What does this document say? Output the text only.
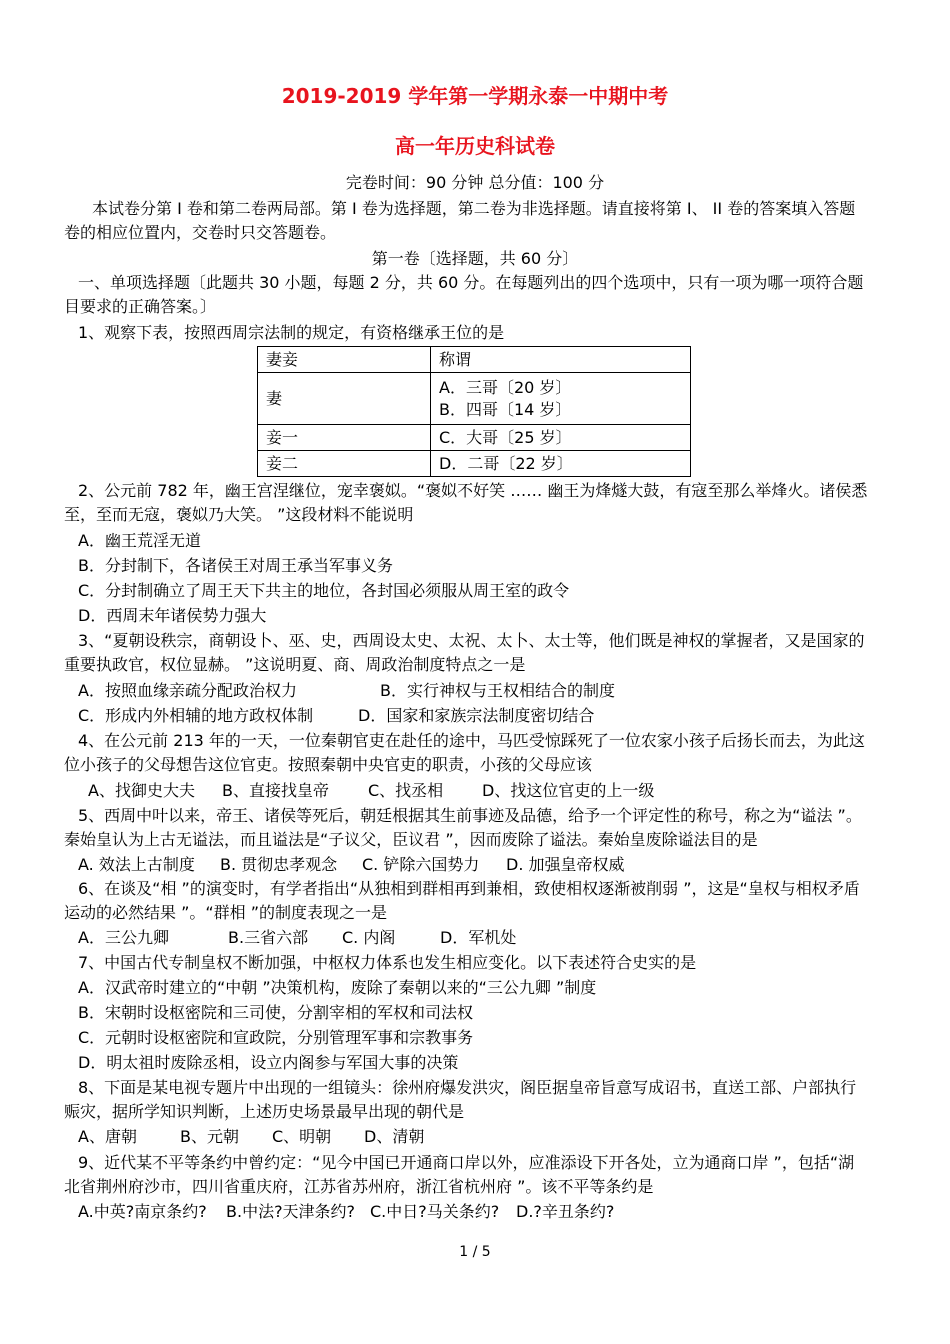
2019-2019 学年第一学期永泰一中期中考
高一年历史科试卷
完卷时间：90 分钟 总分值：100 分
本试卷分第 I 卷和第二卷两局部。第 I 卷为选择题，第二卷为非选择题。请直接将第 I、 II 卷的答案填入答题
卷的相应位置内，交卷时只交答题卷。
第一卷〔选择题，共 60 分〕
一、单项选择题〔此题共 30 小题，每题 2 分，共 60 分。在每题列出的四个选项中，只有一项为哪一项符合题
目要求的正确答案。〕
1、观察下表，按照西周宗法制的规定，有资格继承王位的是
妻妾	称谓
妻	A．三哥〔20 岁〕
B．四哥〔14 岁〕

妾一	C．大哥〔25 岁〕
妾二	D．二哥〔22 岁〕
2、公元前 782 年，幽王宫涅继位，宠幸褒姒。“褒姒不好笑 …… 幽王为烽燧大鼓，有寇至那么举烽火。诸侯悉
至，至而无寇，褒姒乃大笑。 ”这段材料不能说明
A．幽王荒淫无道
B．分封制下，各诸侯王对周王承当军事义务
C．分封制确立了周王天下共主的地位，各封国必须服从周王室的政令
D．西周末年诸侯势力强大
3、“夏朝设秩宗，商朝设卜、巫、史，西周设太史、太祝、太卜、太士等，他们既是神权的掌握者，又是国家的
重要执政官，权位显赫。 ”这说明夏、商、周政治制度特点之一是
A．按照血缘亲疏分配政治权力	B．实行神权与王权相结合的制度
C．形成内外相辅的地方政权体制	D．国家和家族宗法制度密切结合
4、在公元前 213 年的一天，一位秦朝官吏在赴任的途中，马匹受惊踩死了一位农家小孩子后扬长而去，为此这
位小孩子的父母想告这位官吏。按照秦朝中央官吏的职责，小孩的父母应该
A、找御史大夫 B、直接找皇帝 C、找丞相 D、找这位官吏的上一级
5、西周中叶以来，帝王、诸侯等死后，朝廷根据其生前事迹及品德，给予一个评定性的称号，称之为“谥法 ”。
秦始皇认为上古无谥法，而且谥法是“子议父，臣议君 ”，因而废除了谥法。秦始皇废除谥法目的是
A. 效法上古制度 B. 贯彻忠孝观念 C. 铲除六国势力 D. 加强皇帝权威
6、在谈及“相 ”的演变时，有学者指出“从独相到群相再到兼相，致使相权逐渐被削弱 ”，这是“皇权与相权矛盾
运动的必然结果 ”。“群相 ”的制度表现之一是
A．三公九卿	B.三省六部 C. 内阁	D．军机处
7、中国古代专制皇权不断加强，中枢权力体系也发生相应变化。以下表述符合史实的是
A．汉武帝时建立的“中朝 ”决策机构，废除了秦朝以来的“三公九卿 ”制度
B．宋朝时设枢密院和三司使，分割宰相的军权和司法权
C．元朝时设枢密院和宣政院，分别管理军事和宗教事务
D．明太祖时废除丞相，设立内阁参与军国大事的决策
8、下面是某电视专题片中出现的一组镜头：徐州府爆发洪灾，阁臣据皇帝旨意写成诏书，直送工部、户部执行
赈灾，据所学知识判断，上述历史场景最早出现的朝代是
A、唐朝	B、元朝 C、明朝 D、清朝
9、近代某不平等条约中曾约定：“见今中国已开通商口岸以外，应准添设下开各处，立为通商口岸 ”，包括“湖
北省荆州府沙市，四川省重庆府，江苏省苏州府，浙江省杭州府 ”。该不平等条约是
A.中英?南京条约? B.中法?天津条约? C.中日?马关条约? D.?辛丑条约?
1 / 5
